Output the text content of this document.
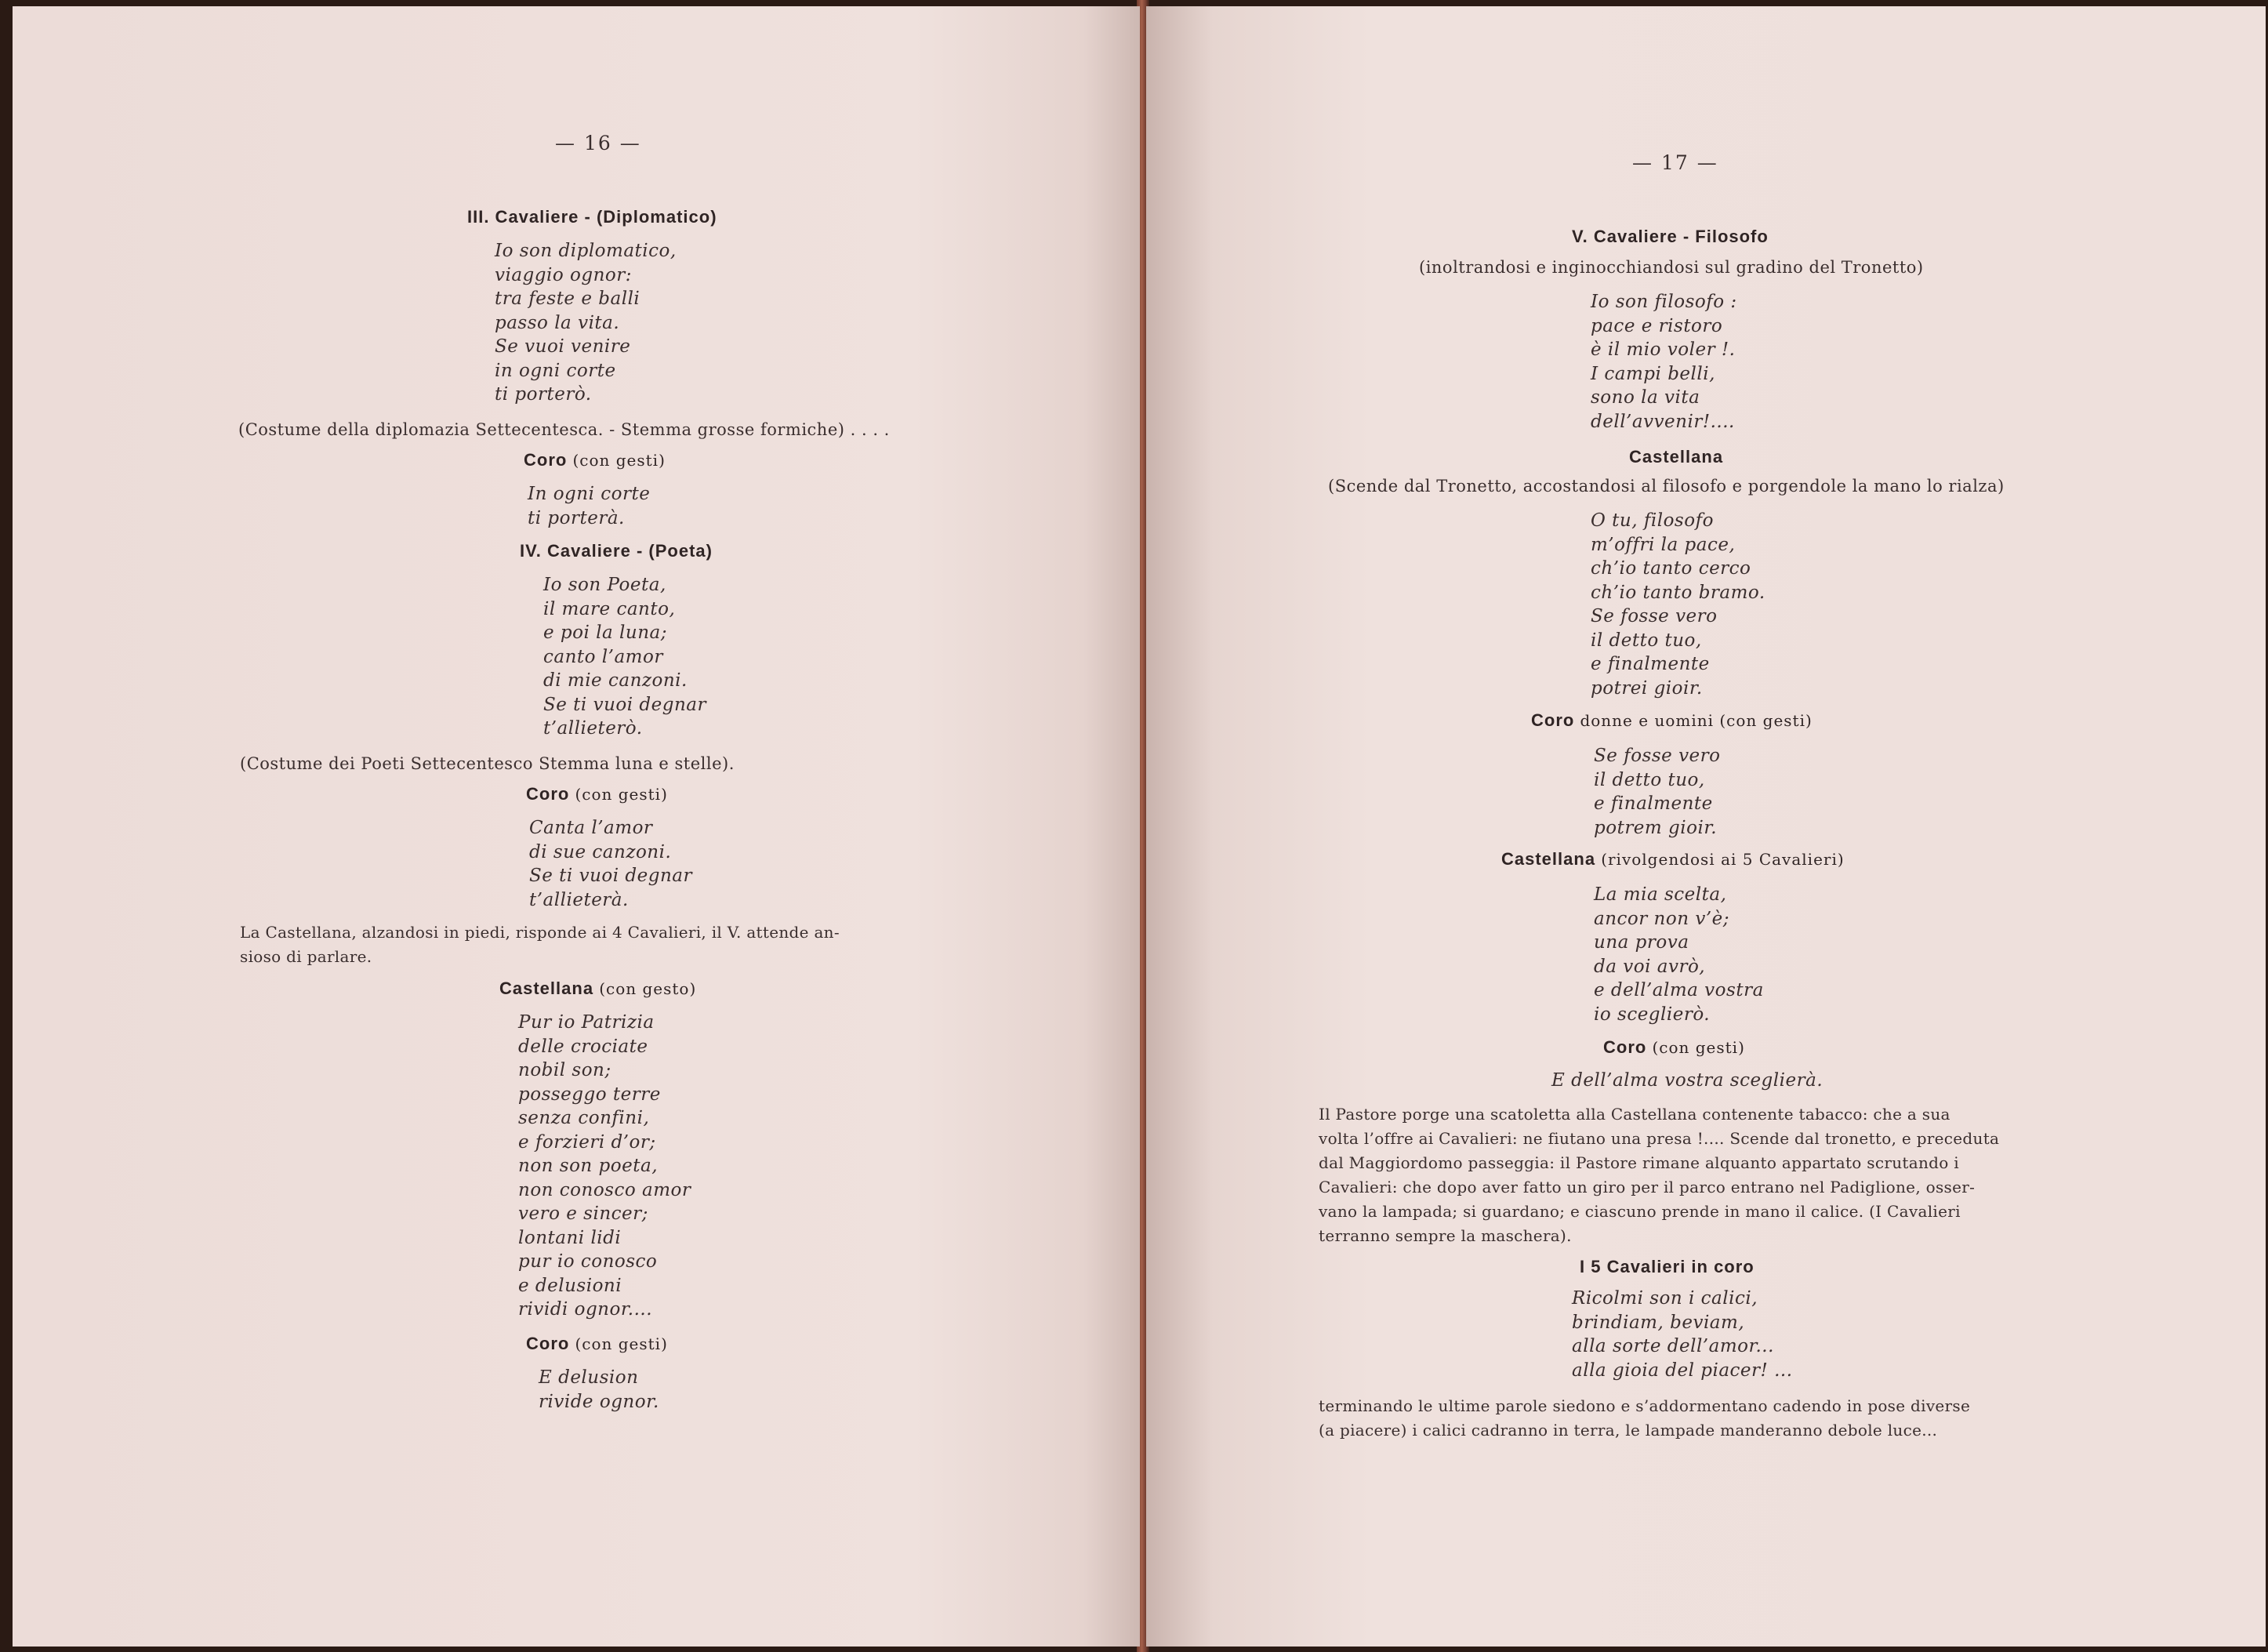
— 16 —
III. Cavaliere - (Diplomatico)
Io son diplomatico,
viaggio ognor:
tra feste e balli
passo la vita.
Se vuoi venire
in ogni corte
ti porterò.
(Costume della diplomazia Settecentesca. - Stemma grosse formiche) . . . .
Coro (con gesti)
In ogni corte
ti porterà.
IV. Cavaliere - (Poeta)
Io son Poeta,
il mare canto,
e poi la luna;
canto l’amor
di mie canzoni.
Se ti vuoi degnar
t’allieterò.
(Costume dei Poeti Settecentesco Stemma luna e stelle).
Coro (con gesti)
Canta l’amor
di sue canzoni.
Se ti vuoi degnar
t’allieterà.
La Castellana, alzandosi in piedi, risponde ai 4 Cavalieri, il V. attende an-
sioso di parlare.
Castellana (con gesto)
Pur io Patrizia
delle crociate
nobil son;
posseggo terre
senza confini,
e forzieri d’or;
non son poeta,
non conosco amor
vero e sincer;
lontani lidi
pur io conosco
e delusioni
rividi ognor....
Coro (con gesti)
E delusion
rivide ognor.
— 17 —
V. Cavaliere - Filosofo
(inoltrandosi e inginocchiandosi sul gradino del Tronetto)
Io son filosofo :
pace e ristoro
è il mio voler !.
I campi belli,
sono la vita
dell’avvenir!....
Castellana
(Scende dal Tronetto, accostandosi al filosofo e porgendole la mano lo rialza)
O tu, filosofo
m’offri la pace,
ch’io tanto cerco
ch’io tanto bramo.
Se fosse vero
il detto tuo,
e finalmente
potrei gioir.
Coro donne e uomini (con gesti)
Se fosse vero
il detto tuo,
e finalmente
potrem gioir.
Castellana (rivolgendosi ai 5 Cavalieri)
La mia scelta,
ancor non v’è;
una prova
da voi avrò,
e dell’alma vostra
io sceglierò.
Coro (con gesti)
E dell’alma vostra sceglierà.
Il Pastore porge una scatoletta alla Castellana contenente tabacco: che a sua
volta l’offre ai Cavalieri: ne fiutano una presa !.... Scende dal tronetto, e preceduta
dal Maggiordomo passeggia: il Pastore rimane alquanto appartato scrutando i
Cavalieri: che dopo aver fatto un giro per il parco entrano nel Padiglione, osser-
vano la lampada; si guardano; e ciascuno prende in mano il calice. (I Cavalieri
terranno sempre la maschera).
I 5 Cavalieri in coro
Ricolmi son i calici,
brindiam, beviam,
alla sorte dell’amor...
alla gioia del piacer! ...
terminando le ultime parole siedono e s’addormentano cadendo in pose diverse
(a piacere) i calici cadranno in terra, le lampade manderanno debole luce...
